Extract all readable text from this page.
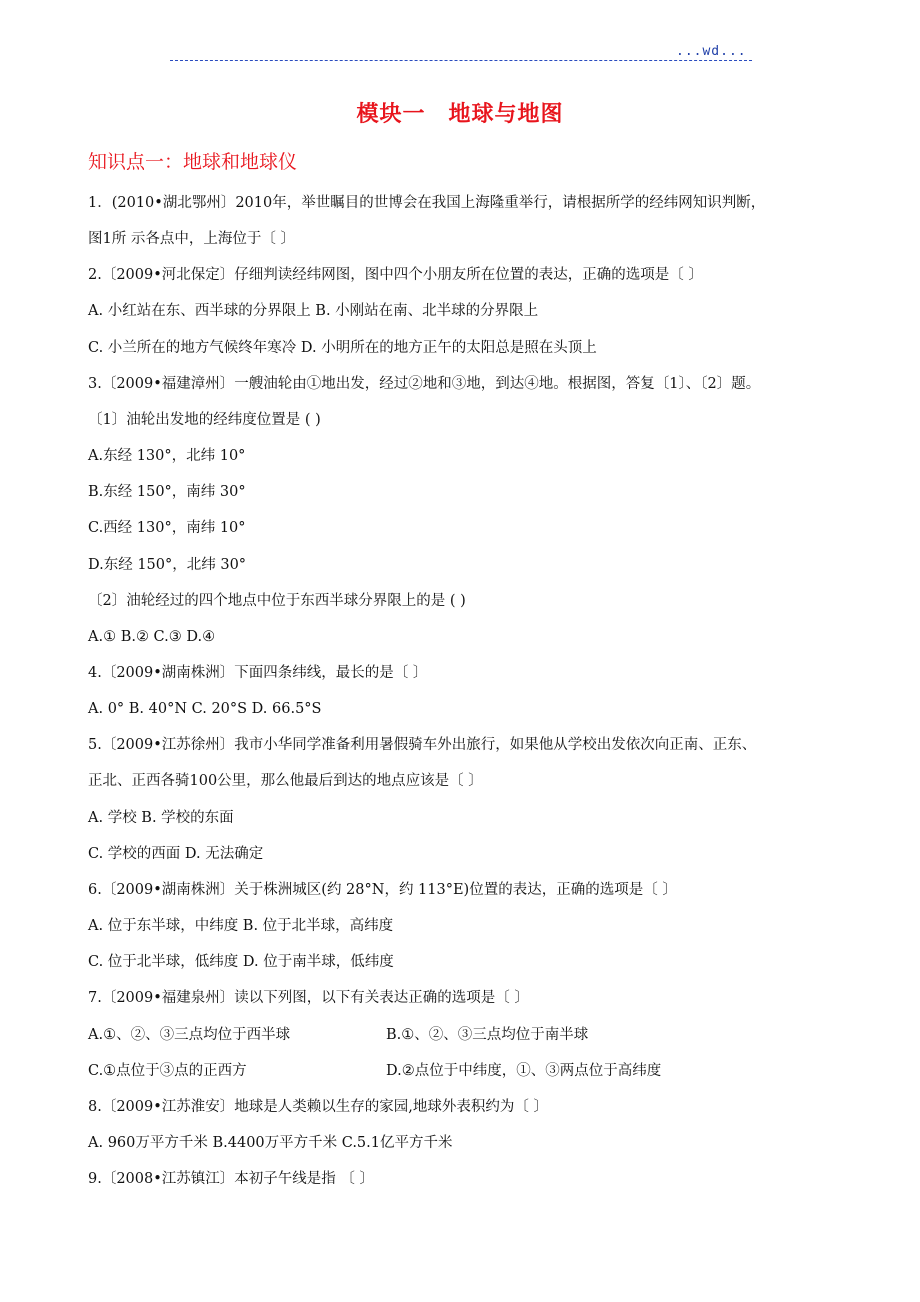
...wd...
模块一　地球与地图
知识点一：地球和地球仪
1．(2010•湖北鄂州〕2010年，举世瞩目的世博会在我国上海隆重举行，请根据所学的经纬网知识判断，
图1所 示各点中，上海位于〔 〕
2.〔2009•河北保定〕仔细判读经纬网图，图中四个小朋友所在位置的表达，正确的选项是〔 〕
A. 小红站在东、西半球的分界限上 B. 小刚站在南、北半球的分界限上
C. 小兰所在的地方气候终年寒冷 D. 小明所在的地方正午的太阳总是照在头顶上
3.〔2009•福建漳州〕一艘油轮由①地出发，经过②地和③地，到达④地。根据图，答复〔1〕、〔2〕题。
〔1〕油轮出发地的经纬度位置是 ( )
A.东经 130°，北纬 10°
B.东经 150°，南纬 30°
C.西经 130°，南纬 10°
D.东经 150°，北纬 30°
〔2〕油轮经过的四个地点中位于东西半球分界限上的是 ( )
A.① B.② C.③ D.④
4.〔2009•湖南株洲〕下面四条纬线，最长的是〔 〕
A. 0° B. 40°N C. 20°S D. 66.5°S
5.〔2009•江苏徐州〕我市小华同学准备利用暑假骑车外出旅行，如果他从学校出发依次向正南、正东、
正北、正西各骑100公里，那么他最后到达的地点应该是〔 〕
A. 学校 B. 学校的东面
C. 学校的西面 D. 无法确定
6.〔2009•湖南株洲〕关于株洲城区(约 28°N，约 113°E)位置的表达，正确的选项是〔 〕
A. 位于东半球，中纬度 B. 位于北半球，高纬度
C. 位于北半球，低纬度 D. 位于南半球，低纬度
7.〔2009•福建泉州〕读以下列图，以下有关表达正确的选项是〔 〕
A.①、②、③三点均位于西半球	B.①、②、③三点均位于南半球
C.①点位于③点的正西方	D.②点位于中纬度，①、③两点位于高纬度
8.〔2009•江苏淮安〕地球是人类赖以生存的家园,地球外表积约为〔 〕
A. 960万平方千米 B.4400万平方千米 C.5.1亿平方千米
9.〔2008•江苏镇江〕本初子午线是指 〔 〕
